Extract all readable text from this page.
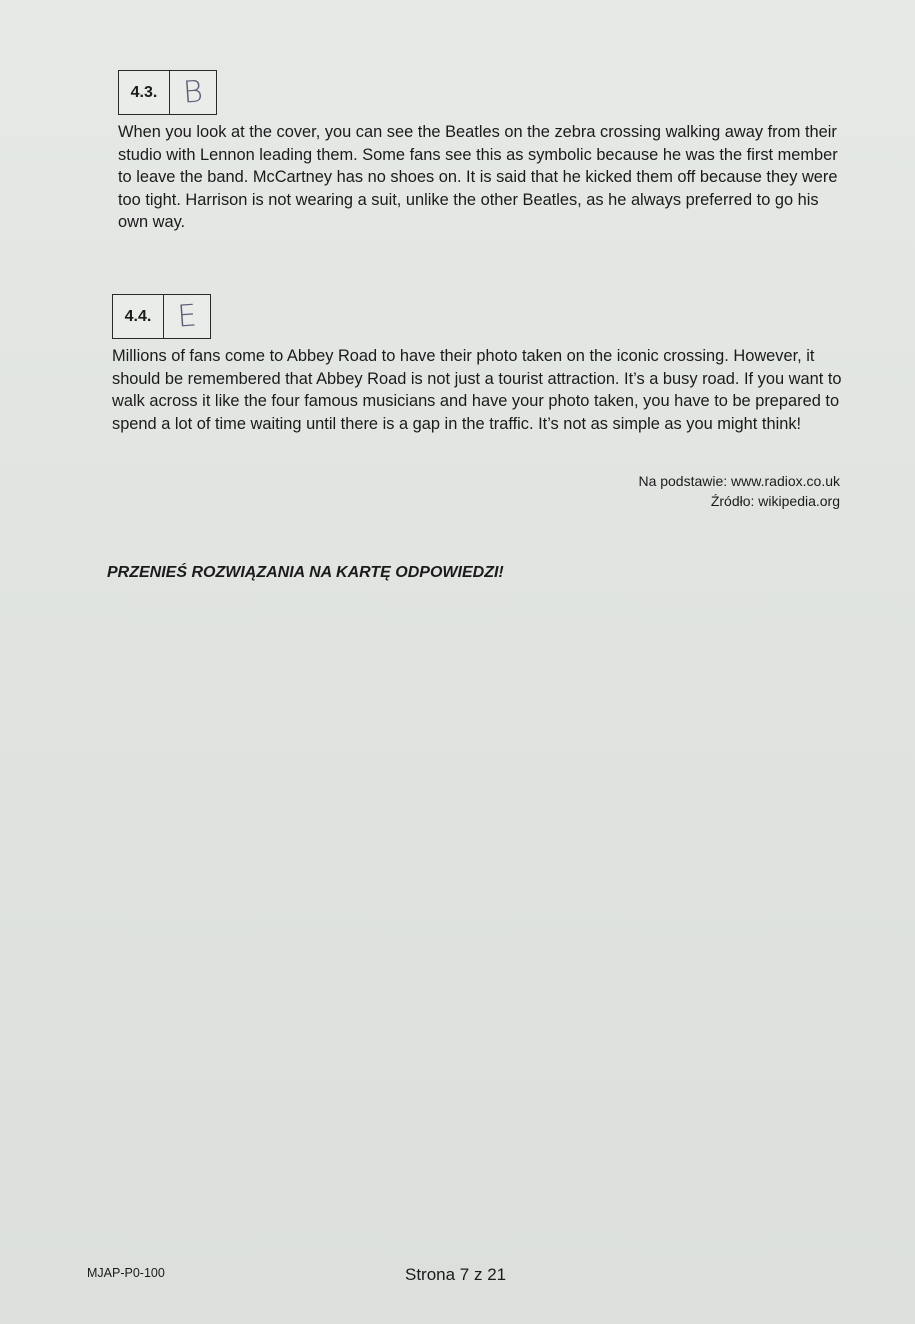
4.3. B
When you look at the cover, you can see the Beatles on the zebra crossing walking away from their studio with Lennon leading them. Some fans see this as symbolic because he was the first member to leave the band. McCartney has no shoes on. It is said that he kicked them off because they were too tight. Harrison is not wearing a suit, unlike the other Beatles, as he always preferred to go his own way.
4.4. E
Millions of fans come to Abbey Road to have their photo taken on the iconic crossing. However, it should be remembered that Abbey Road is not just a tourist attraction. It’s a busy road. If you want to walk across it like the four famous musicians and have your photo taken, you have to be prepared to spend a lot of time waiting until there is a gap in the traffic. It’s not as simple as you might think!
Na podstawie: www.radiox.co.uk
Źródło: wikipedia.org
PRZENIEŚ ROZWIĄZANIA NA KARTĘ ODPOWIEDZI!
MJAP-P0-100	Strona 7 z 21
